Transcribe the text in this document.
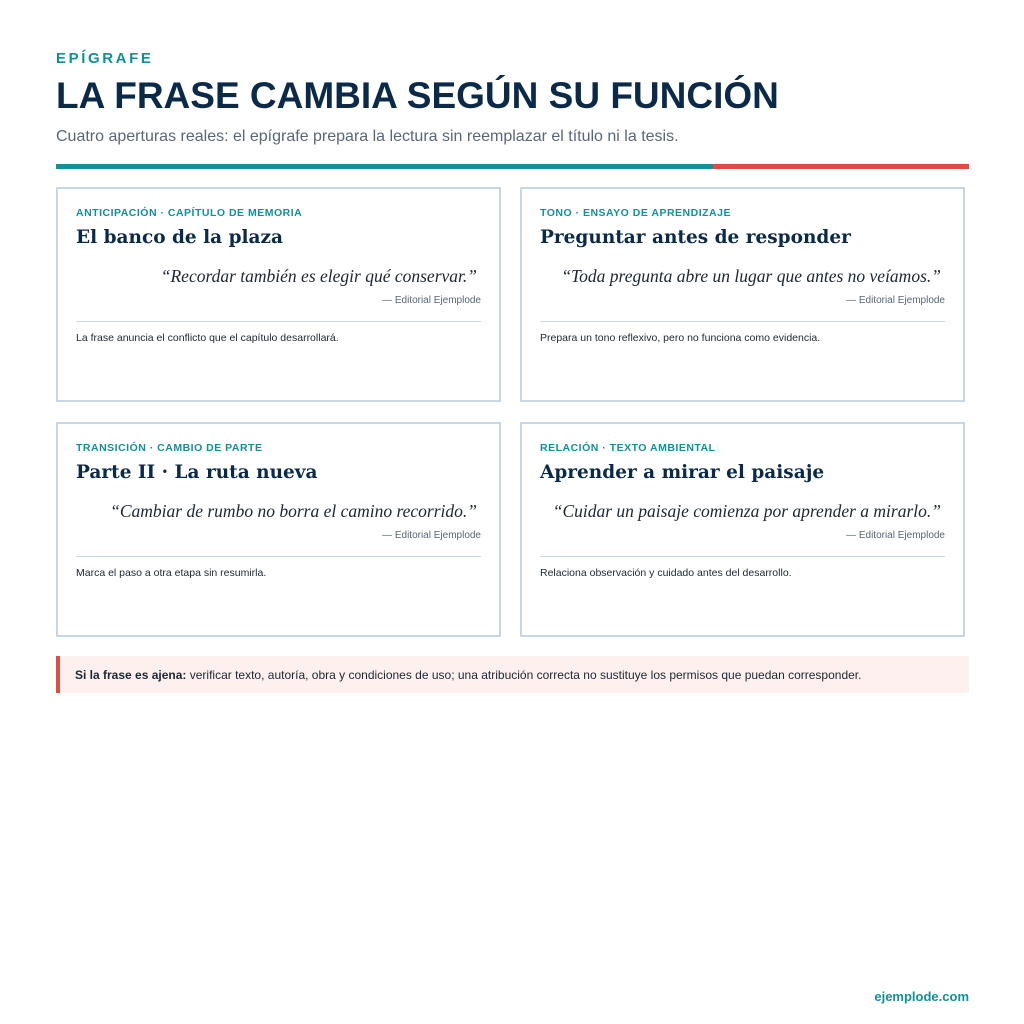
EPÍGRAFE
LA FRASE CAMBIA SEGÚN SU FUNCIÓN
Cuatro aperturas reales: el epígrafe prepara la lectura sin reemplazar el título ni la tesis.
ANTICIPACIÓN · CAPÍTULO DE MEMORIA
El banco de la plaza
“Recordar también es elegir qué conservar.”
— Editorial Ejemplode
La frase anuncia el conflicto que el capítulo desarrollará.
TONO · ENSAYO DE APRENDIZAJE
Preguntar antes de responder
“Toda pregunta abre un lugar que antes no veíamos.”
— Editorial Ejemplode
Prepara un tono reflexivo, pero no funciona como evidencia.
TRANSICIÓN · CAMBIO DE PARTE
Parte II · La ruta nueva
“Cambiar de rumbo no borra el camino recorrido.”
— Editorial Ejemplode
Marca el paso a otra etapa sin resumirla.
RELACIÓN · TEXTO AMBIENTAL
Aprender a mirar el paisaje
“Cuidar un paisaje comienza por aprender a mirarlo.”
— Editorial Ejemplode
Relaciona observación y cuidado antes del desarrollo.
Si la frase es ajena: verificar texto, autoría, obra y condiciones de uso; una atribución correcta no sustituye los permisos que puedan corresponder.
ejemplode.com
